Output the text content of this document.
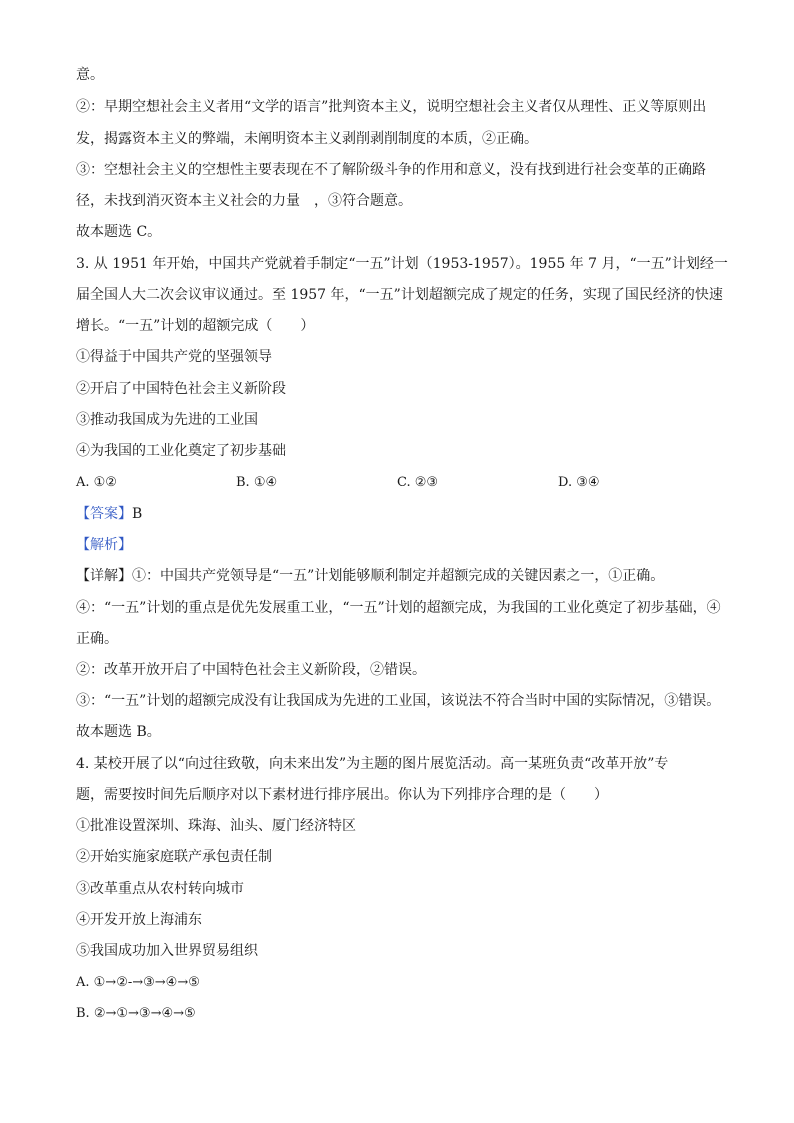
意。
②：早期空想社会主义者用“文学的语言”批判资本主义，说明空想社会主义者仅从理性、正义等原则出
发，揭露资本主义的弊端，未阐明资本主义剥削剥削制度的本质，②正确。
③：空想社会主义的空想性主要表现在不了解阶级斗争的作用和意义，没有找到进行社会变革的正确路
径，未找到消灭资本主义社会的力量　，③符合题意。
故本题选 C。
3. 从 1951 年开始，中国共产党就着手制定“一五”计划（1953-1957）。1955 年 7 月，“一五”计划经一
届全国人大二次会议审议通过。至 1957 年，“一五”计划超额完成了规定的任务，实现了国民经济的快速
增长。“一五”计划的超额完成（　　）
①得益于中国共产党的坚强领导
②开启了中国特色社会主义新阶段
③推动我国成为先进的工业国
④为我国的工业化奠定了初步基础
A. ①②	B. ①④	C. ②③	D. ③④
【答案】B
【解析】
【详解】①：中国共产党领导是“一五”计划能够顺利制定并超额完成的关键因素之一，①正确。
④：“一五”计划的重点是优先发展重工业，“一五”计划的超额完成，为我国的工业化奠定了初步基础，④
正确。
②：改革开放开启了中国特色社会主义新阶段，②错误。
③：“一五”计划的超额完成没有让我国成为先进的工业国，该说法不符合当时中国的实际情况，③错误。
故本题选 B。
4. 某校开展了以“向过往致敬，向未来出发”为主题的图片展览活动。高一某班负责“改革开放”专
题，需要按时间先后顺序对以下素材进行排序展出。你认为下列排序合理的是（　　）
①批准设置深圳、珠海、汕头、厦门经济特区
②开始实施家庭联产承包责任制
③改革重点从农村转向城市
④开发开放上海浦东
⑤我国成功加入世界贸易组织
A. ①→②-→③→④→⑤
B. ②→①→③→④→⑤
